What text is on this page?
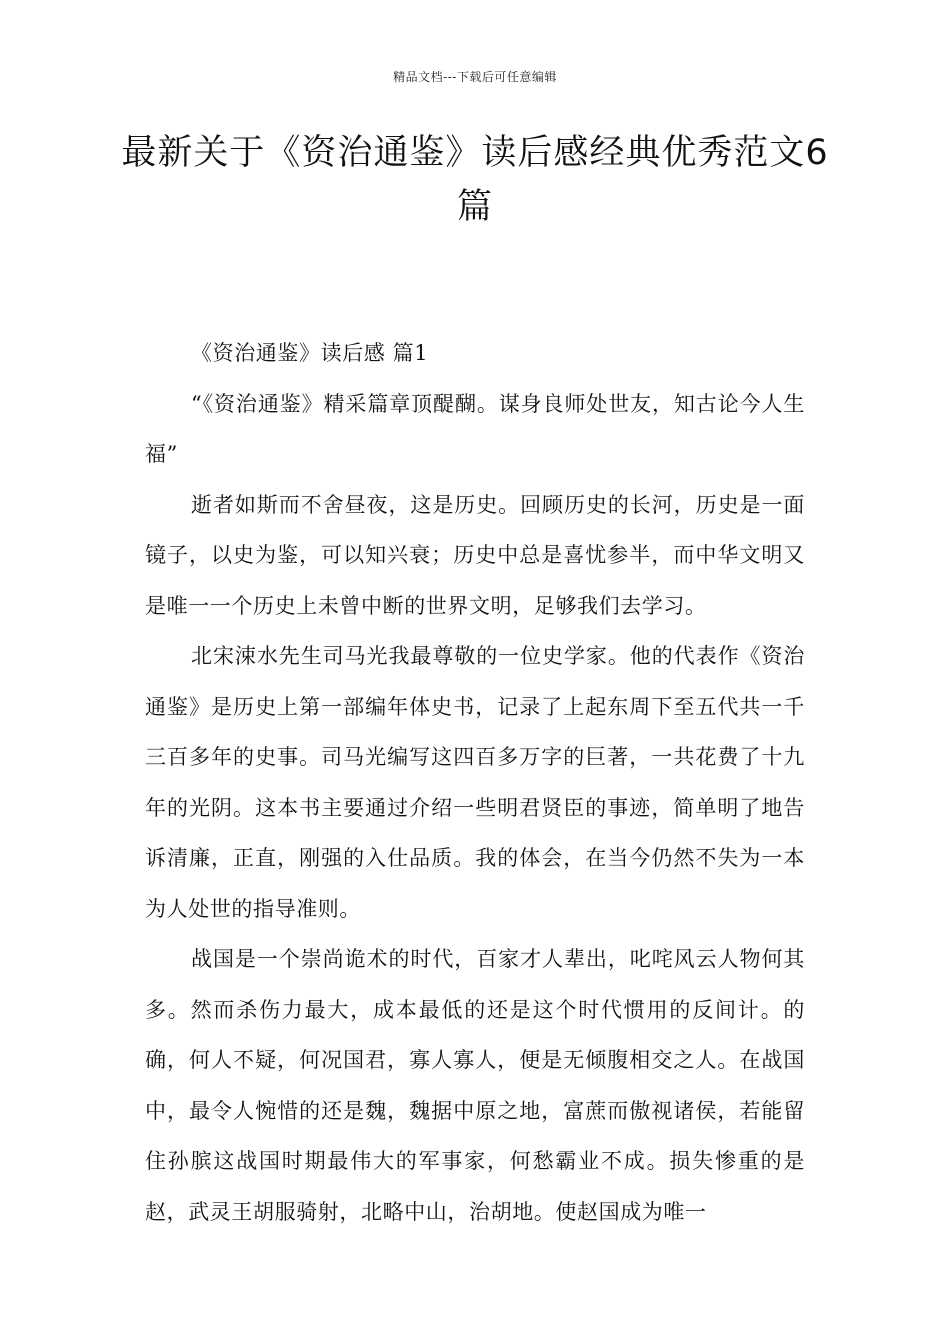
精品文档---下载后可任意编辑
最新关于《资治通鉴》读后感经典优秀范文6篇

《资治通鉴》读后感 篇1

“《资治通鉴》精采篇章顶醍醐。谋身良师处世友，知古论今人生福”

逝者如斯而不舍昼夜，这是历史。回顾历史的长河，历史是一面镜子，以史为鉴，可以知兴衰；历史中总是喜忧参半，而中华文明又是唯一一个历史上未曾中断的世界文明，足够我们去学习。

北宋涑水先生司马光我最尊敬的一位史学家。他的代表作《资治通鉴》是历史上第一部编年体史书，记录了上起东周下至五代共一千三百多年的史事。司马光编写这四百多万字的巨著，一共花费了十九年的光阴。这本书主要通过介绍一些明君贤臣的事迹，简单明了地告诉清廉，正直，刚强的入仕品质。我的体会，在当今仍然不失为一本为人处世的指导准则。

战国是一个崇尚诡术的时代，百家才人辈出，叱咤风云人物何其多。然而杀伤力最大，成本最低的还是这个时代惯用的反间计。的确，何人不疑，何况国君，寡人寡人，便是无倾腹相交之人。在战国中，最令人惋惜的还是魏，魏据中原之地，富蔗而傲视诸侯，若能留住孙膑这战国时期最伟大的军事家，何愁霸业不成。损失惨重的是赵，武灵王胡服骑射，北略中山，治胡地。使赵国成为唯一
